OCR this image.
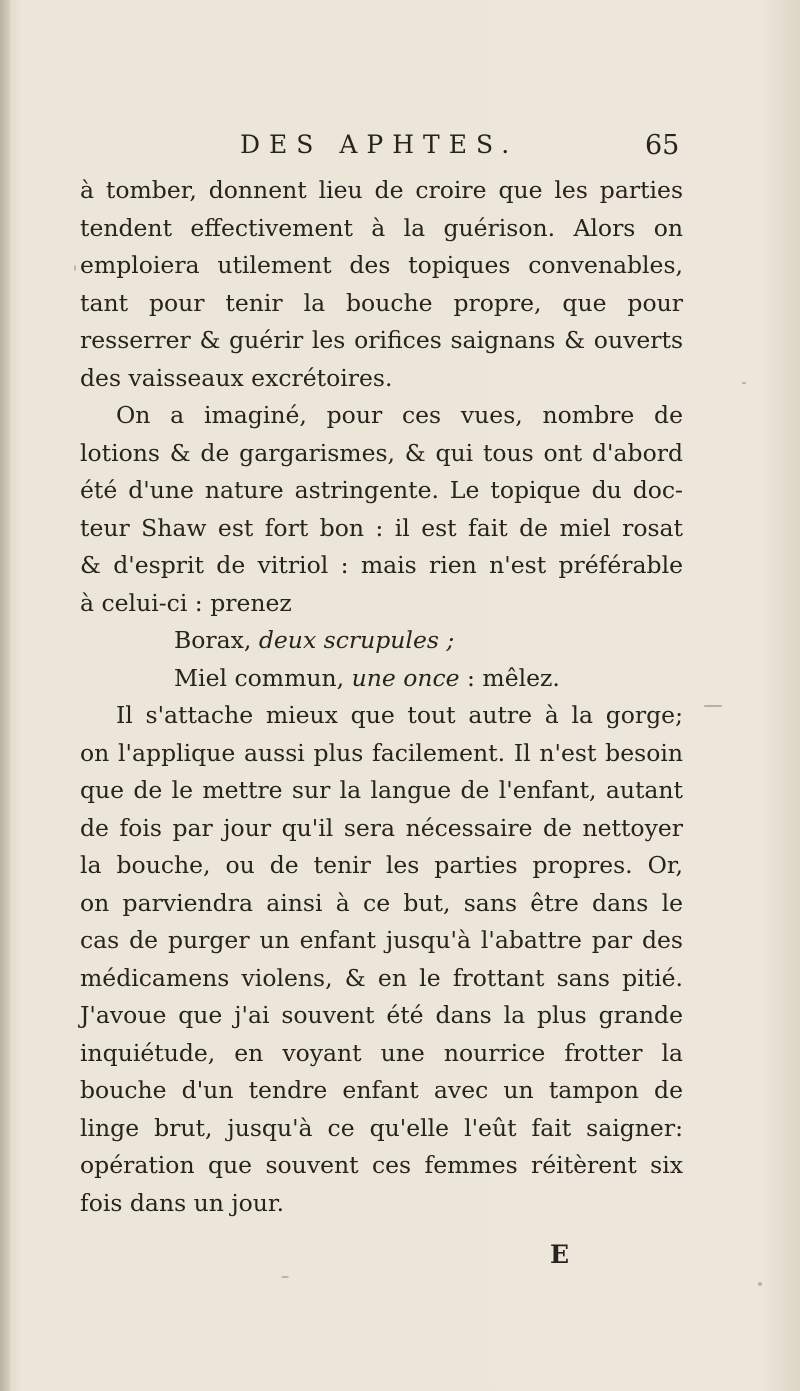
DES APHTES.	65
à tomber, donnent lieu de croire que les parties
tendent effectivement à la guérison. Alors on
emploiera utilement des topiques convenables,
tant pour tenir la bouche propre, que pour
resserrer & guérir les orifices saignans & ouverts
des vaisseaux excrétoires.
On a imaginé, pour ces vues, nombre de
lotions & de gargarismes, & qui tous ont d'abord
été d'une nature astringente. Le topique du doc-
teur Shaw est fort bon : il est fait de miel rosat
& d'esprit de vitriol : mais rien n'est préférable
à celui-ci : prenez
Borax, deux scrupules ;
Miel commun, une once : mêlez.
Il s'attache mieux que tout autre à la gorge;
on l'applique aussi plus facilement. Il n'est besoin
que de le mettre sur la langue de l'enfant, autant
de fois par jour qu'il sera nécessaire de nettoyer
la bouche, ou de tenir les parties propres. Or,
on parviendra ainsi à ce but, sans être dans le
cas de purger un enfant jusqu'à l'abattre par des
médicamens violens, & en le frottant sans pitié.
J'avoue que j'ai souvent été dans la plus grande
inquiétude, en voyant une nourrice frotter la
bouche d'un tendre enfant avec un tampon de
linge brut, jusqu'à ce qu'elle l'eût fait saigner:
opération que souvent ces femmes réitèrent six
fois dans un jour.
E
